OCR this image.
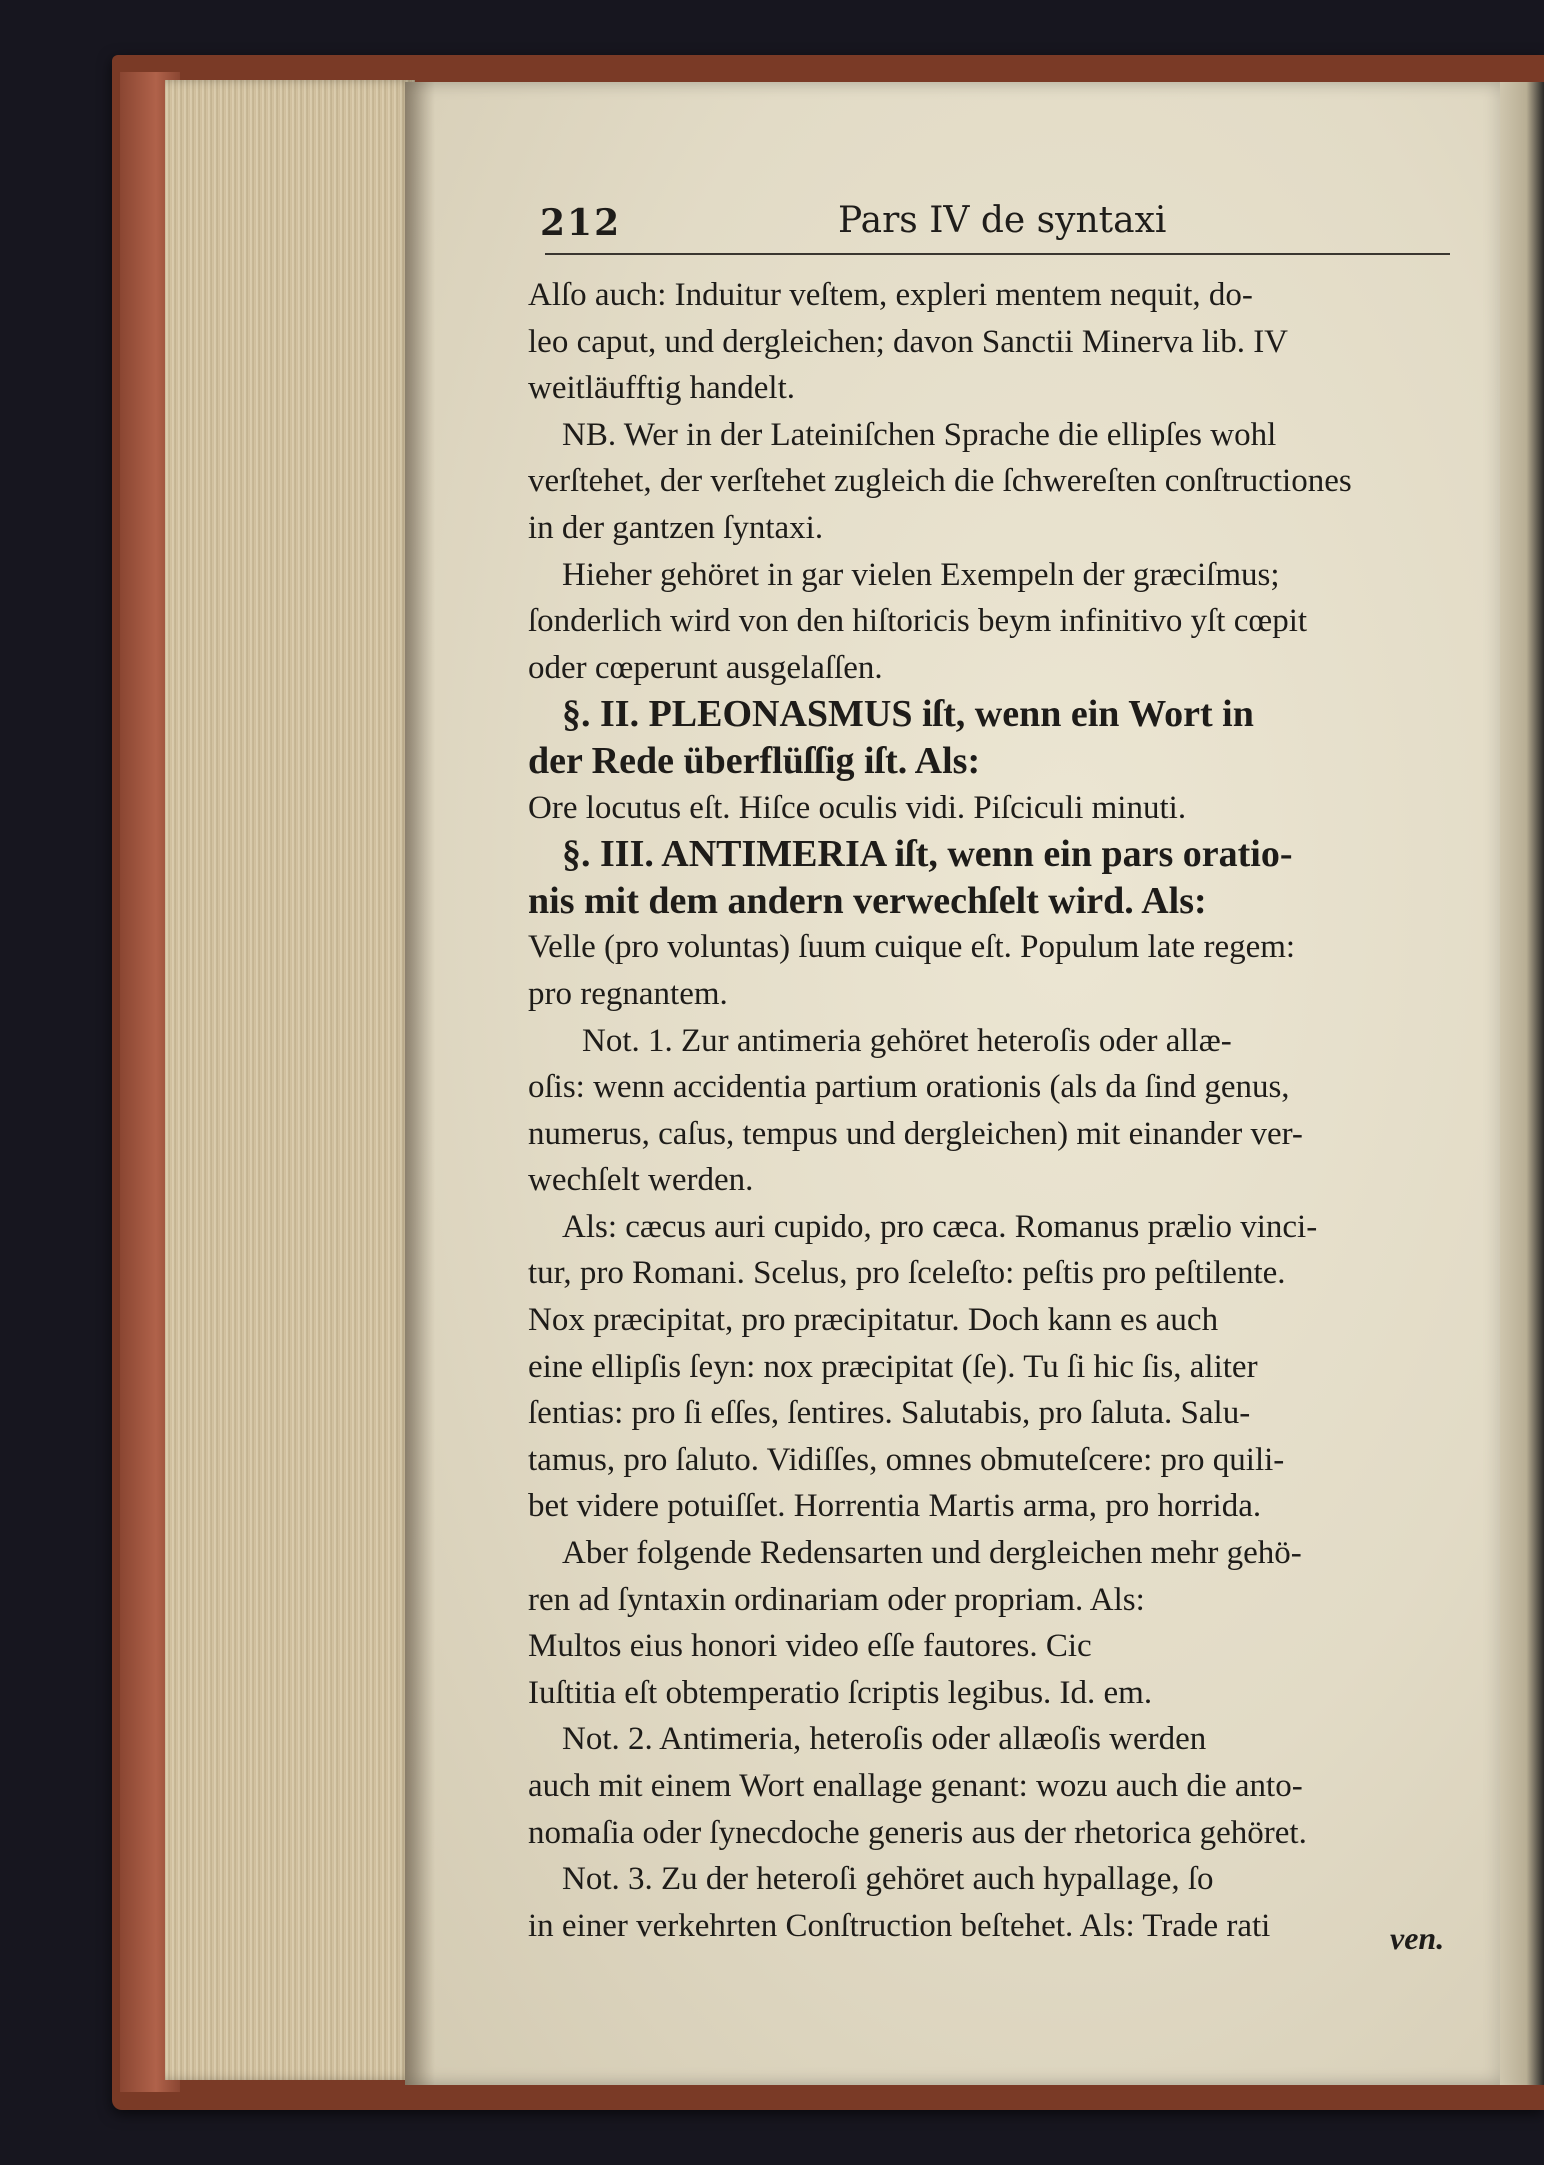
212	Pars IV de syntaxi
Alſo auch: Induitur veſtem, expleri mentem nequit, do-
leo caput, und dergleichen; davon Sanctii Minerva lib. IV
weitläufftig handelt.
NB. Wer in der Lateiniſchen Sprache die ellipſes wohl
verſtehet, der verſtehet zugleich die ſchwereſten conſtructiones
in der gantzen ſyntaxi.
Hieher gehöret in gar vielen Exempeln der græciſmus;
ſonderlich wird von den hiſtoricis beym infinitivo yſt cœpit
oder cœperunt ausgelaſſen.
§. II. PLEONASMUS iſt, wenn ein Wort in
der Rede überflüſſig iſt. Als:
Ore locutus eſt. Hiſce oculis vidi. Piſciculi minuti.
§. III. ANTIMERIA iſt, wenn ein pars oratio-
nis mit dem andern verwechſelt wird. Als:
Velle (pro voluntas) ſuum cuique eſt. Populum late regem:
pro regnantem.
Not. 1. Zur antimeria gehöret heteroſis oder allæ-
oſis: wenn accidentia partium orationis (als da ſind genus,
numerus, caſus, tempus und dergleichen) mit einander ver-
wechſelt werden.
Als: cæcus auri cupido, pro cæca. Romanus prælio vinci-
tur, pro Romani. Scelus, pro ſceleſto: peſtis pro peſtilente.
Nox præcipitat, pro præcipitatur. Doch kann es auch
eine ellipſis ſeyn: nox præcipitat (ſe). Tu ſi hic ſis, aliter
ſentias: pro ſi eſſes, ſentires. Salutabis, pro ſaluta. Salu-
tamus, pro ſaluto. Vidiſſes, omnes obmuteſcere: pro quili-
bet videre potuiſſet. Horrentia Martis arma, pro horrida.
Aber folgende Redensarten und dergleichen mehr gehö-
ren ad ſyntaxin ordinariam oder propriam. Als:
Multos eius honori video eſſe fautores. Cic
Iuſtitia eſt obtemperatio ſcriptis legibus. Id. em.
Not. 2. Antimeria, heteroſis oder allæoſis werden
auch mit einem Wort enallage genant: wozu auch die anto-
nomaſia oder ſynecdoche generis aus der rhetorica gehöret.
Not. 3. Zu der heteroſi gehöret auch hypallage, ſo
in einer verkehrten Conſtruction beſtehet. Als: Trade rati	ven.
